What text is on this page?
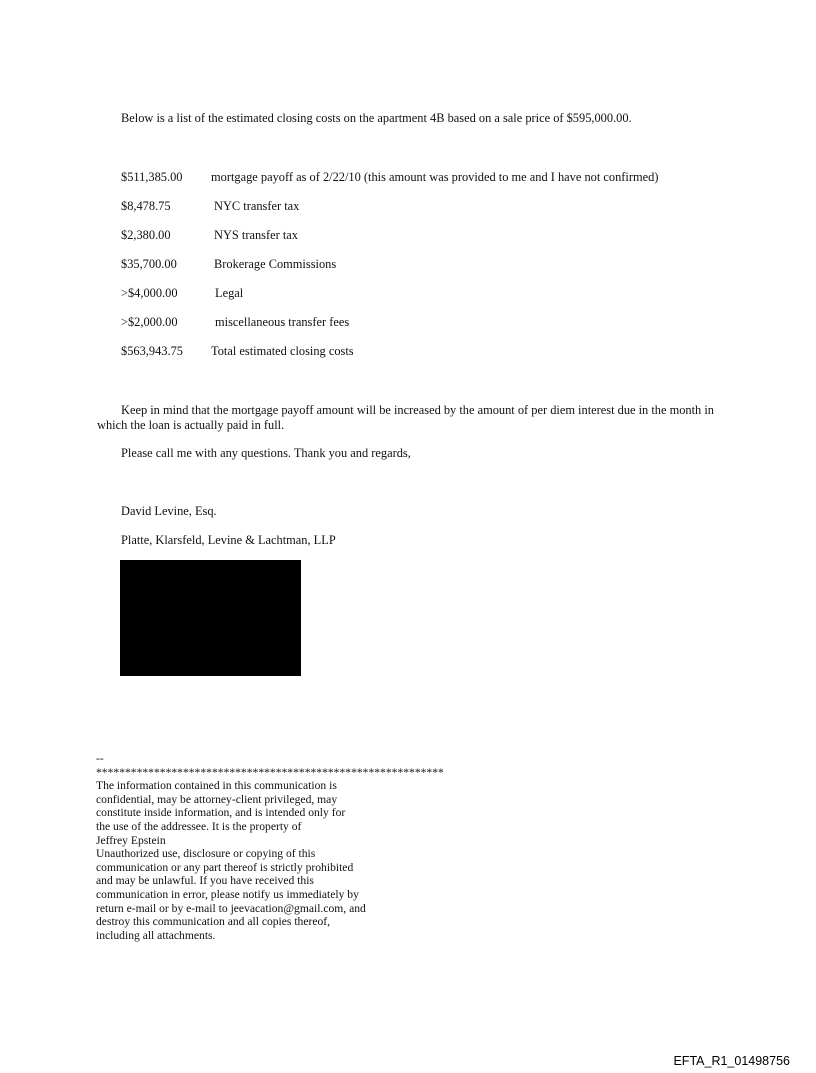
Below is a list of the estimated closing costs on the apartment 4B based on a sale price of $595,000.00.
$511,385.00 mortgage payoff as of 2/22/10 (this amount was provided to me and I have not confirmed)
$8,478.75	NYC transfer tax
$2,380.00	NYS transfer tax
$35,700.00	Brokerage Commissions
>$4,000.00	Legal
>$2,000.00	miscellaneous transfer fees
$563,943.75 Total estimated closing costs
Keep in mind that the mortgage payoff amount will be increased by the amount of per diem interest due in the month in which the loan is actually paid in full.
Please call me with any questions. Thank you and regards,
David Levine, Esq.
Platte, Klarsfeld, Levine & Lachtman, LLP
--
************************************************************
The information contained in this communication is
confidential, may be attorney-client privileged, may
constitute inside information, and is intended only for
the use of the addressee. It is the property of
Jeffrey Epstein
Unauthorized use, disclosure or copying of this
communication or any part thereof is strictly prohibited
and may be unlawful. If you have received this
communication in error, please notify us immediately by
return e-mail or by e-mail to jeevacation@gmail.com, and
destroy this communication and all copies thereof,
including all attachments.
EFTA_R1_01498756
